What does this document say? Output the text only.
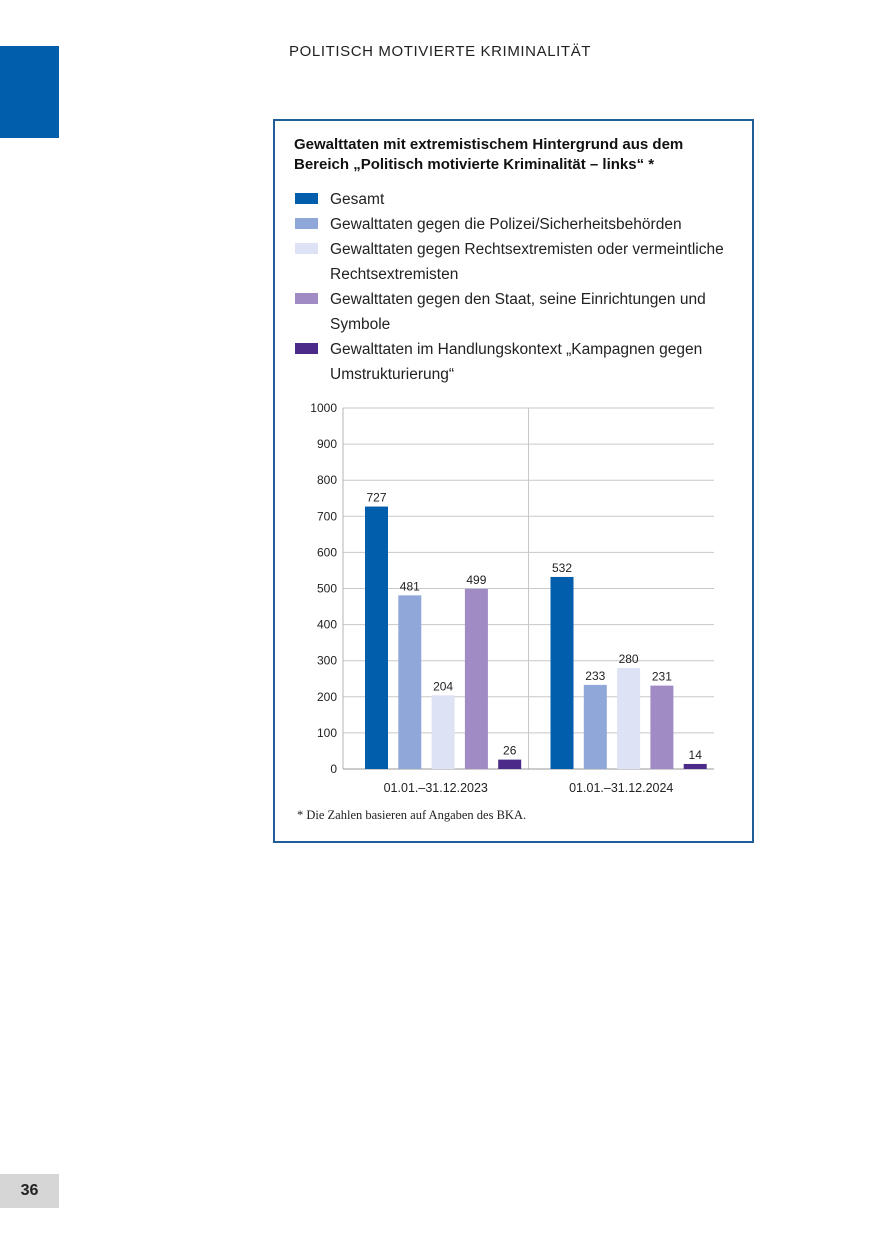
POLITISCH MOTIVIERTE KRIMINALITÄT
Gewalttaten mit extremistischem Hintergrund aus dem Bereich „Politisch motivierte Kriminalität – links“ *
Gesamt
Gewalttaten gegen die Polizei/Sicherheitsbehörden
Gewalttaten gegen Rechtsextremisten oder vermeintliche Rechtsextremisten
Gewalttaten gegen den Staat, seine Einrichtungen und Symbole
Gewalttaten im Handlungskontext „Kampagnen gegen Umstrukturierung“
0
100
200
300
400
500
600
700
800
900
1000
727
481
204
499
26
01.01.–31.12.2023
532
233
280
231
14
01.01.–31.12.2024
* Die Zahlen basieren auf Angaben des BKA.
36
